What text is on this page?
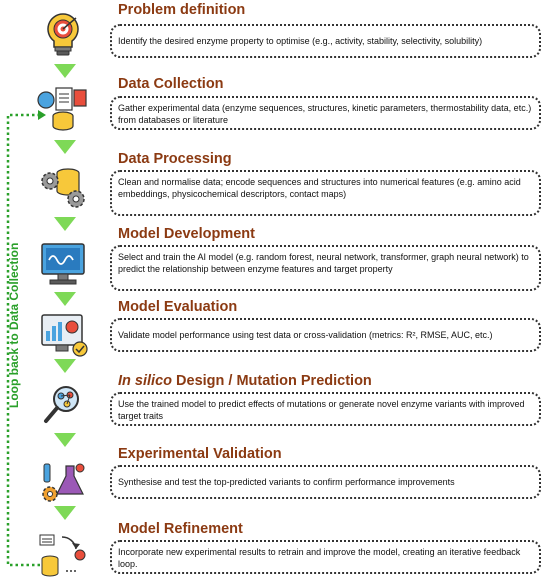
Loop back to Data Collection
Problem definition
Identify the desired enzyme property to optimise (e.g., activity, stability, selectivity, solubility)
Data Collection
Gather experimental data (enzyme sequences, structures, kinetic parameters, thermostability data, etc.) from databases or literature
Data Processing
Clean and normalise data; encode sequences and structures into numerical features (e.g. amino acid embeddings, physicochemical descriptors, contact maps)
Model Development
Select and train the AI model (e.g. random forest, neural network, transformer, graph neural network) to predict the relationship between enzyme features and target property
Model Evaluation
Validate model performance using test data or cross-validation (metrics: R², RMSE, AUC, etc.)
In silico Design / Mutation Prediction
Use the trained model to predict effects of mutations or generate novel enzyme variants with improved target traits
Experimental Validation
Synthesise and test the top-predicted variants to confirm performance improvements
Model Refinement
Incorporate new experimental results to retrain and improve the model, creating an iterative feedback loop.
